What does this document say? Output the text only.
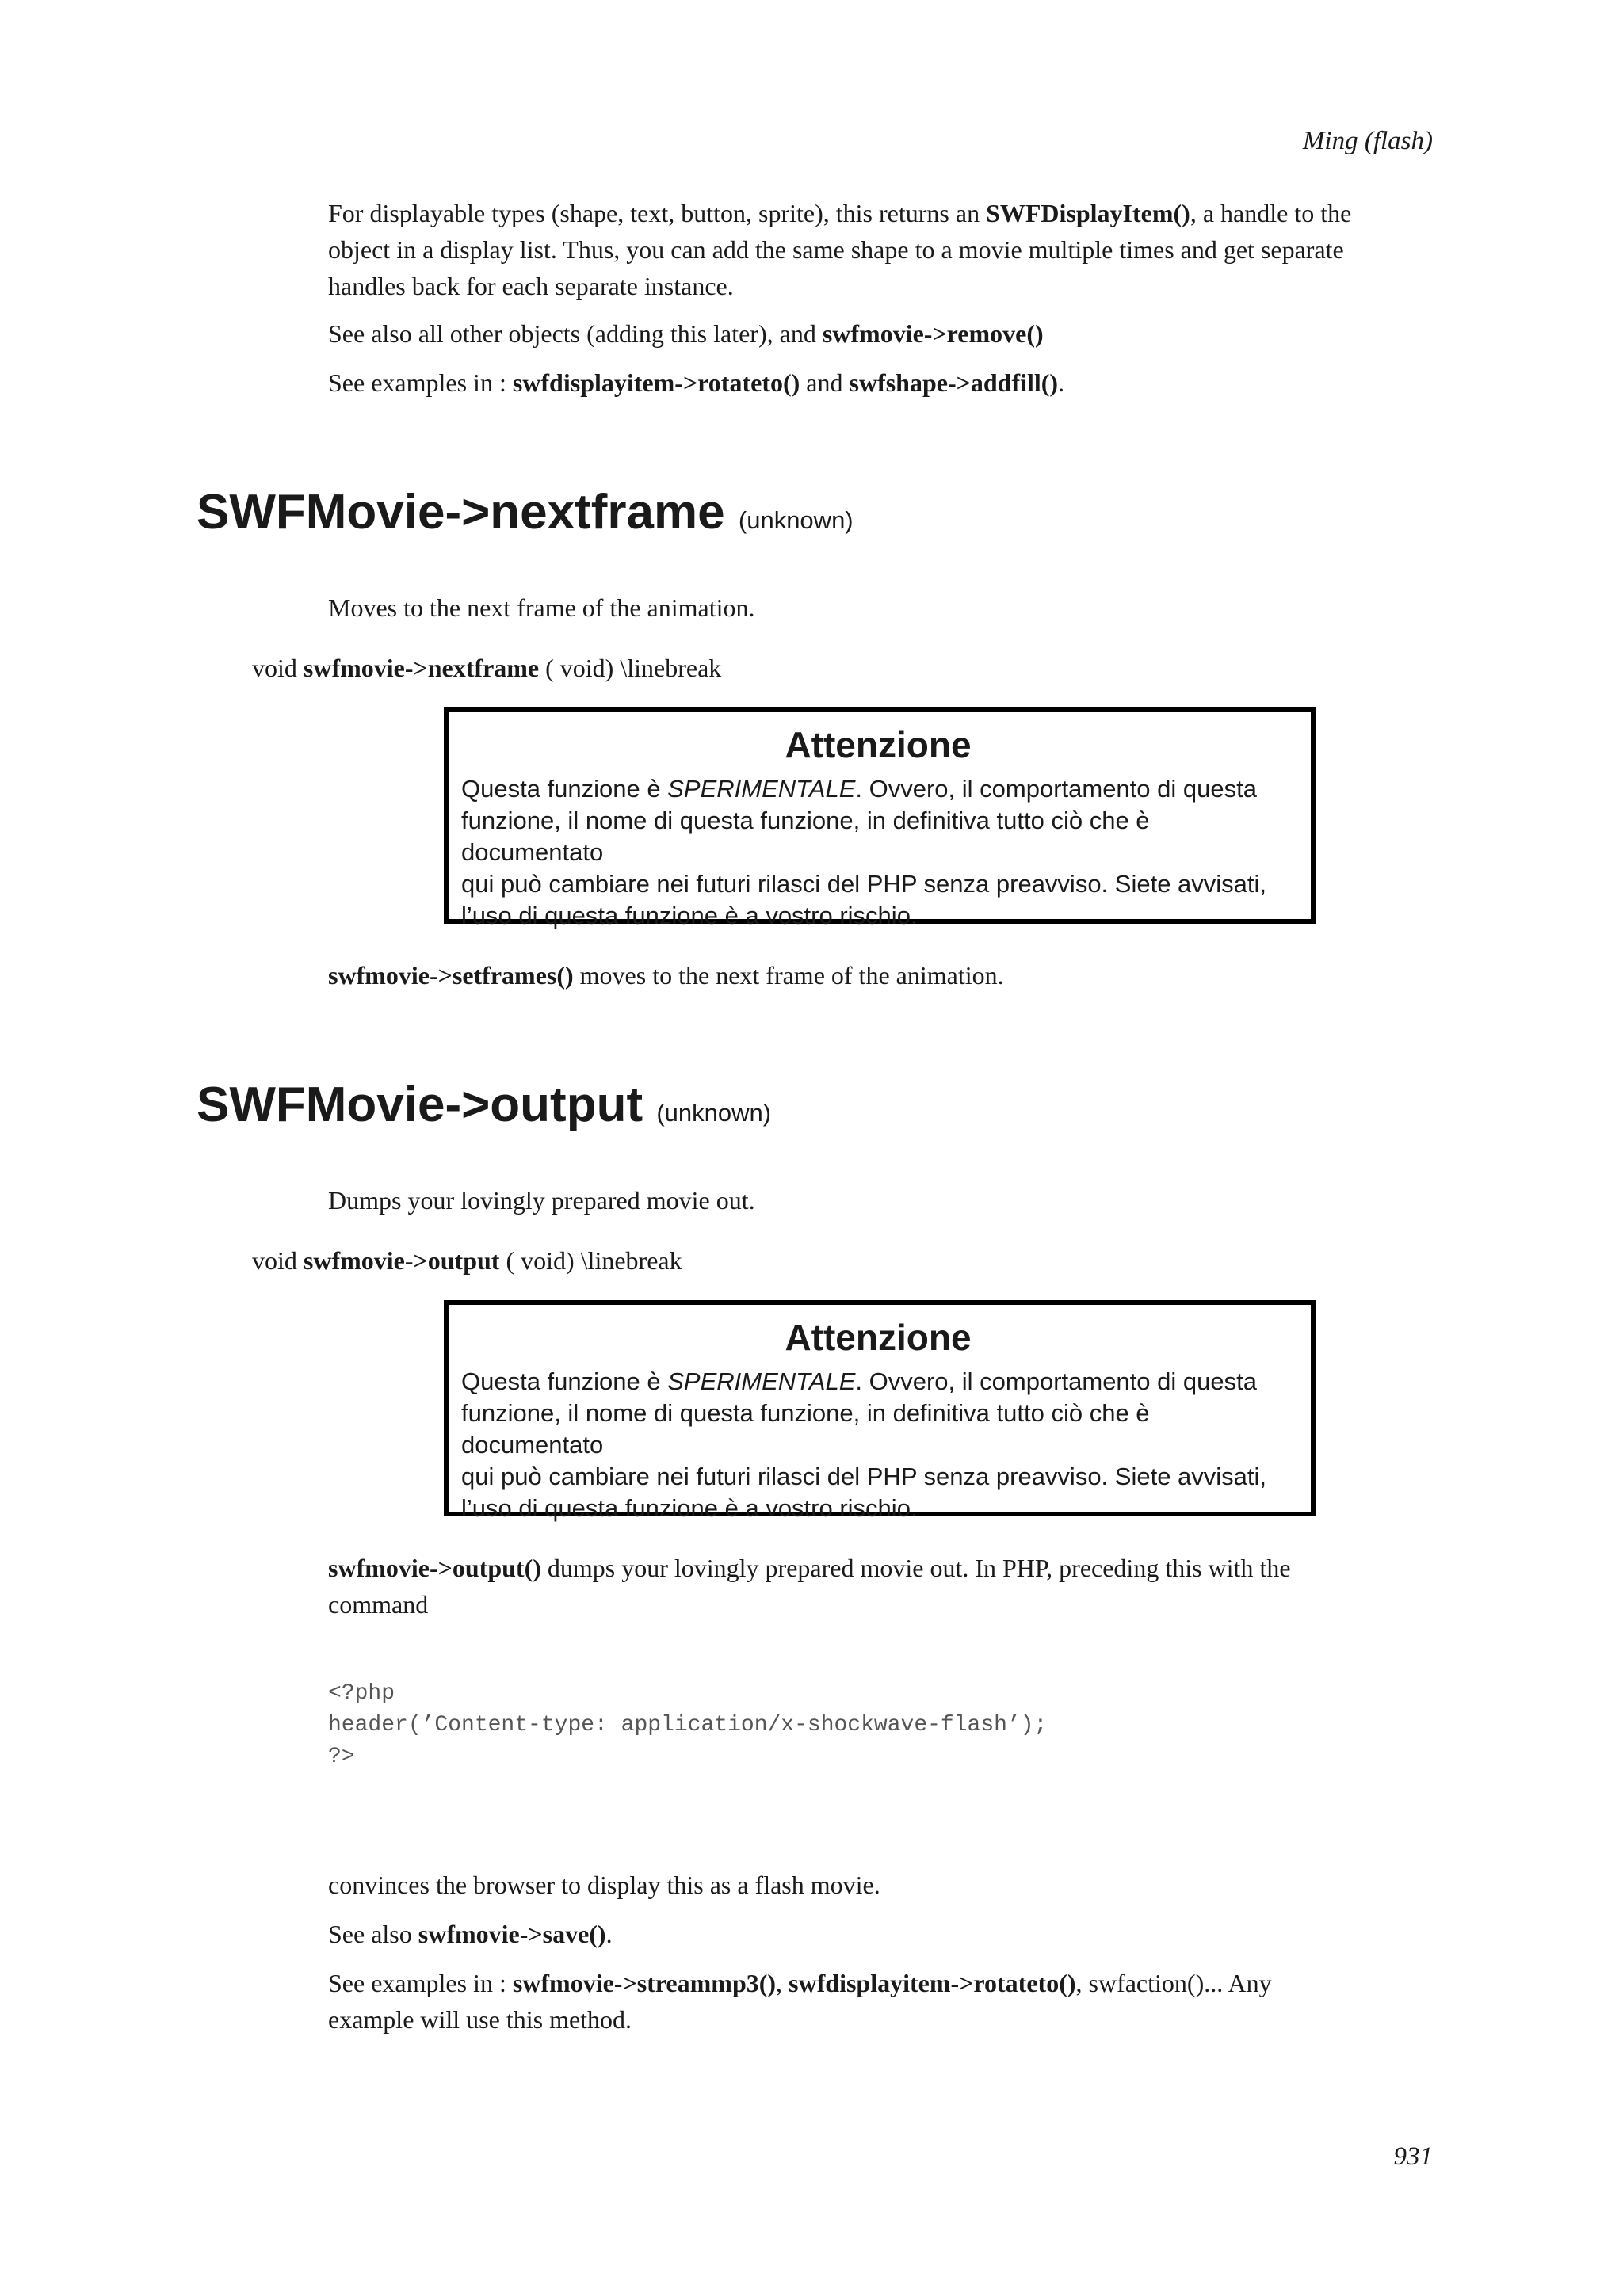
Ming (flash)

For displayable types (shape, text, button, sprite), this returns an SWFDisplayItem(), a handle to the
object in a display list. Thus, you can add the same shape to a movie multiple times and get separate
handles back for each separate instance.

See also all other objects (adding this later), and swfmovie->remove()

See examples in : swfdisplayitem->rotateto() and swfshape->addfill().

SWFMovie->nextframe (unknown)

Moves to the next frame of the animation.

void swfmovie->nextframe ( void) \linebreak

Attenzione

Questa funzione è SPERIMENTALE. Ovvero, il comportamento di questa
funzione, il nome di questa funzione, in definitiva tutto ciò che è documentato
qui può cambiare nei futuri rilasci del PHP senza preavviso. Siete avvisati,
l’uso di questa funzione è a vostro rischio.

swfmovie->setframes() moves to the next frame of the animation.

SWFMovie->output (unknown)

Dumps your lovingly prepared movie out.

void swfmovie->output ( void) \linebreak

Attenzione

Questa funzione è SPERIMENTALE. Ovvero, il comportamento di questa
funzione, il nome di questa funzione, in definitiva tutto ciò che è documentato
qui può cambiare nei futuri rilasci del PHP senza preavviso. Siete avvisati,
l’uso di questa funzione è a vostro rischio.

swfmovie->output() dumps your lovingly prepared movie out. In PHP, preceding this with the
command

<?php
header(’Content-type: application/x-shockwave-flash’);
?>

convinces the browser to display this as a flash movie.

See also swfmovie->save().

See examples in : swfmovie->streammp3(), swfdisplayitem->rotateto(), swfaction()... Any
example will use this method.

931
